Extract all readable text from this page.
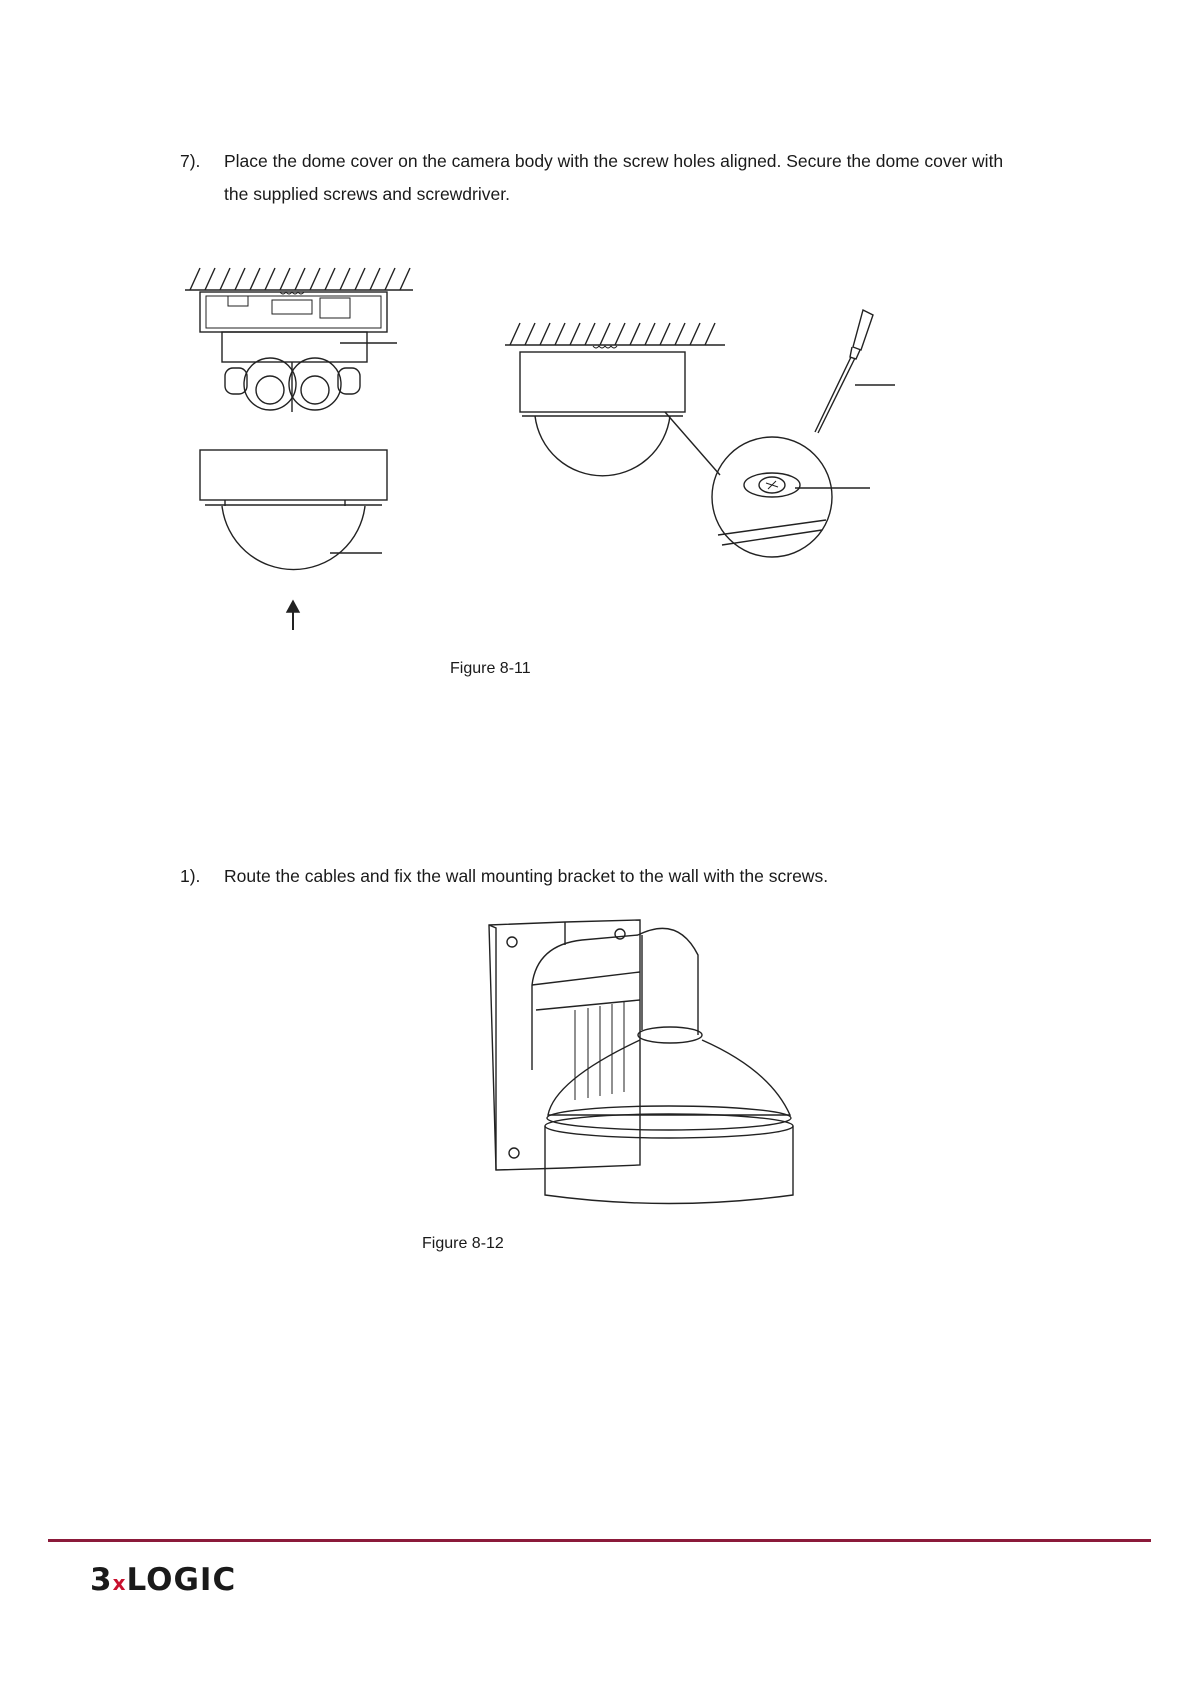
7). Place the dome cover on the camera body with the screw holes aligned. Secure the dome cover with
the supplied screws and screwdriver.
Figure 8-11
1). Route the cables and fix the wall mounting bracket to the wall with the screws.
Figure 8-12
3xLOGIC
